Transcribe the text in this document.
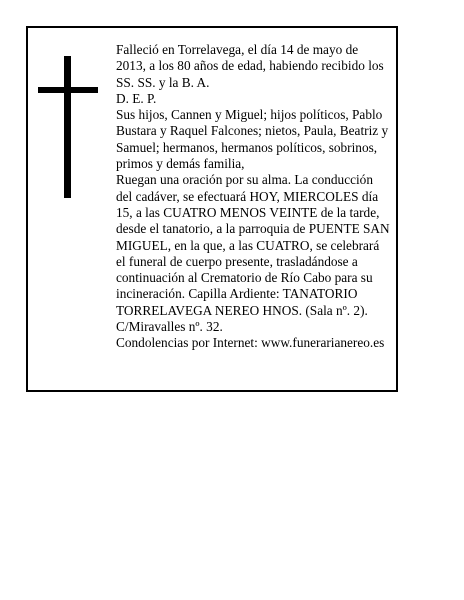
Falleció en Torrelavega, el día 14 de mayo de 2013, a los 80 años de edad, habiendo recibido los SS. SS. y la B. A.

D. E. P.

Sus hijos, Cannen y Miguel; hijos políticos, Pablo Bustara y Raquel Falcones; nietos, Paula, Beatriz y Samuel; hermanos, hermanos políticos, sobrinos, primos y demás familia,

Ruegan una oración por su alma. La conducción del cadáver, se efectuará HOY, MIERCOLES día 15, a las CUATRO MENOS VEINTE de la tarde, desde el tanatorio, a la parroquia de PUENTE SAN MIGUEL, en la que, a las CUATRO, se celebrará el funeral de cuerpo presente, trasladándose a continuación al Crematorio de Río Cabo para su incineración. Capilla Ardiente: TANATORIO TORRELAVEGA NEREO HNOS. (Sala nº. 2). C/Miravalles nº. 32.

Condolencias por Internet: www.funerarianereo.es
